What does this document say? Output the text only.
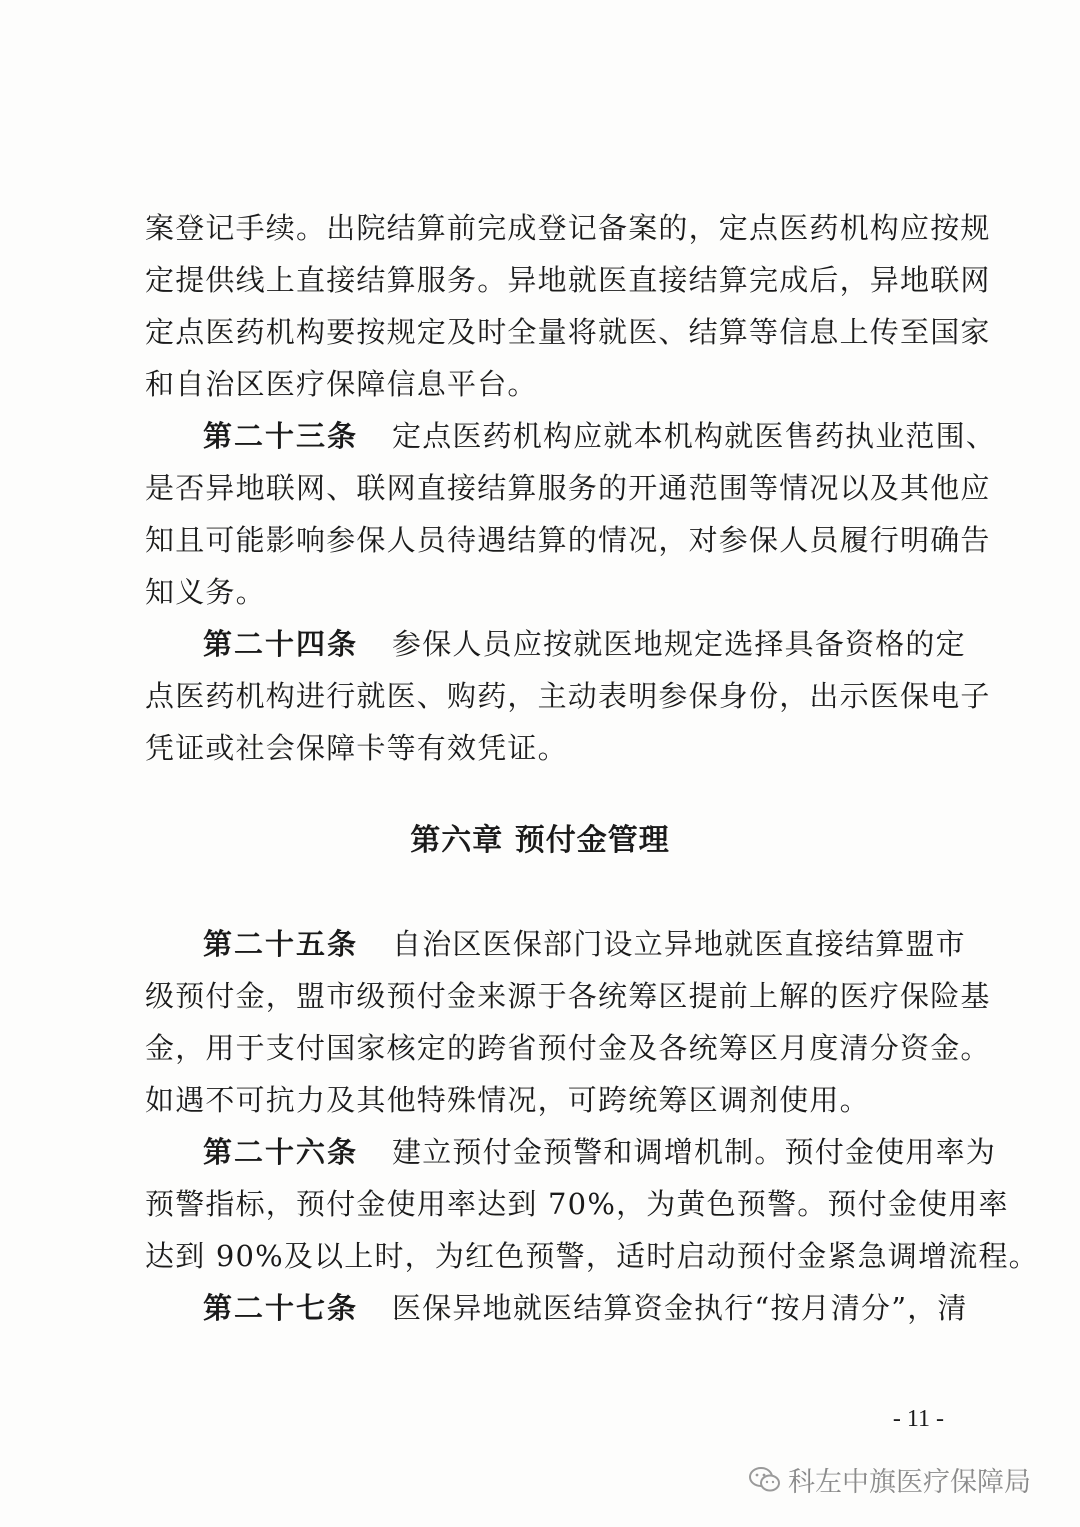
案登记手续。出院结算前完成登记备案的，定点医药机构应按规
定提供线上直接结算服务。异地就医直接结算完成后，异地联网
定点医药机构要按规定及时全量将就医、结算等信息上传至国家
和自治区医疗保障信息平台。
第二十三条 定点医药机构应就本机构就医售药执业范围、
是否异地联网、联网直接结算服务的开通范围等情况以及其他应
知且可能影响参保人员待遇结算的情况，对参保人员履行明确告
知义务。
第二十四条 参保人员应按就医地规定选择具备资格的定
点医药机构进行就医、购药，主动表明参保身份，出示医保电子
凭证或社会保障卡等有效凭证。
第六章 预付金管理
第二十五条 自治区医保部门设立异地就医直接结算盟市
级预付金，盟市级预付金来源于各统筹区提前上解的医疗保险基
金，用于支付国家核定的跨省预付金及各统筹区月度清分资金。
如遇不可抗力及其他特殊情况，可跨统筹区调剂使用。
第二十六条 建立预付金预警和调增机制。预付金使用率为
预警指标，预付金使用率达到 70%，为黄色预警。预付金使用率
达到 90%及以上时，为红色预警，适时启动预付金紧急调增流程。
第二十七条 医保异地就医结算资金执行“按月清分”，清
- 11 -
科左中旗医疗保障局
